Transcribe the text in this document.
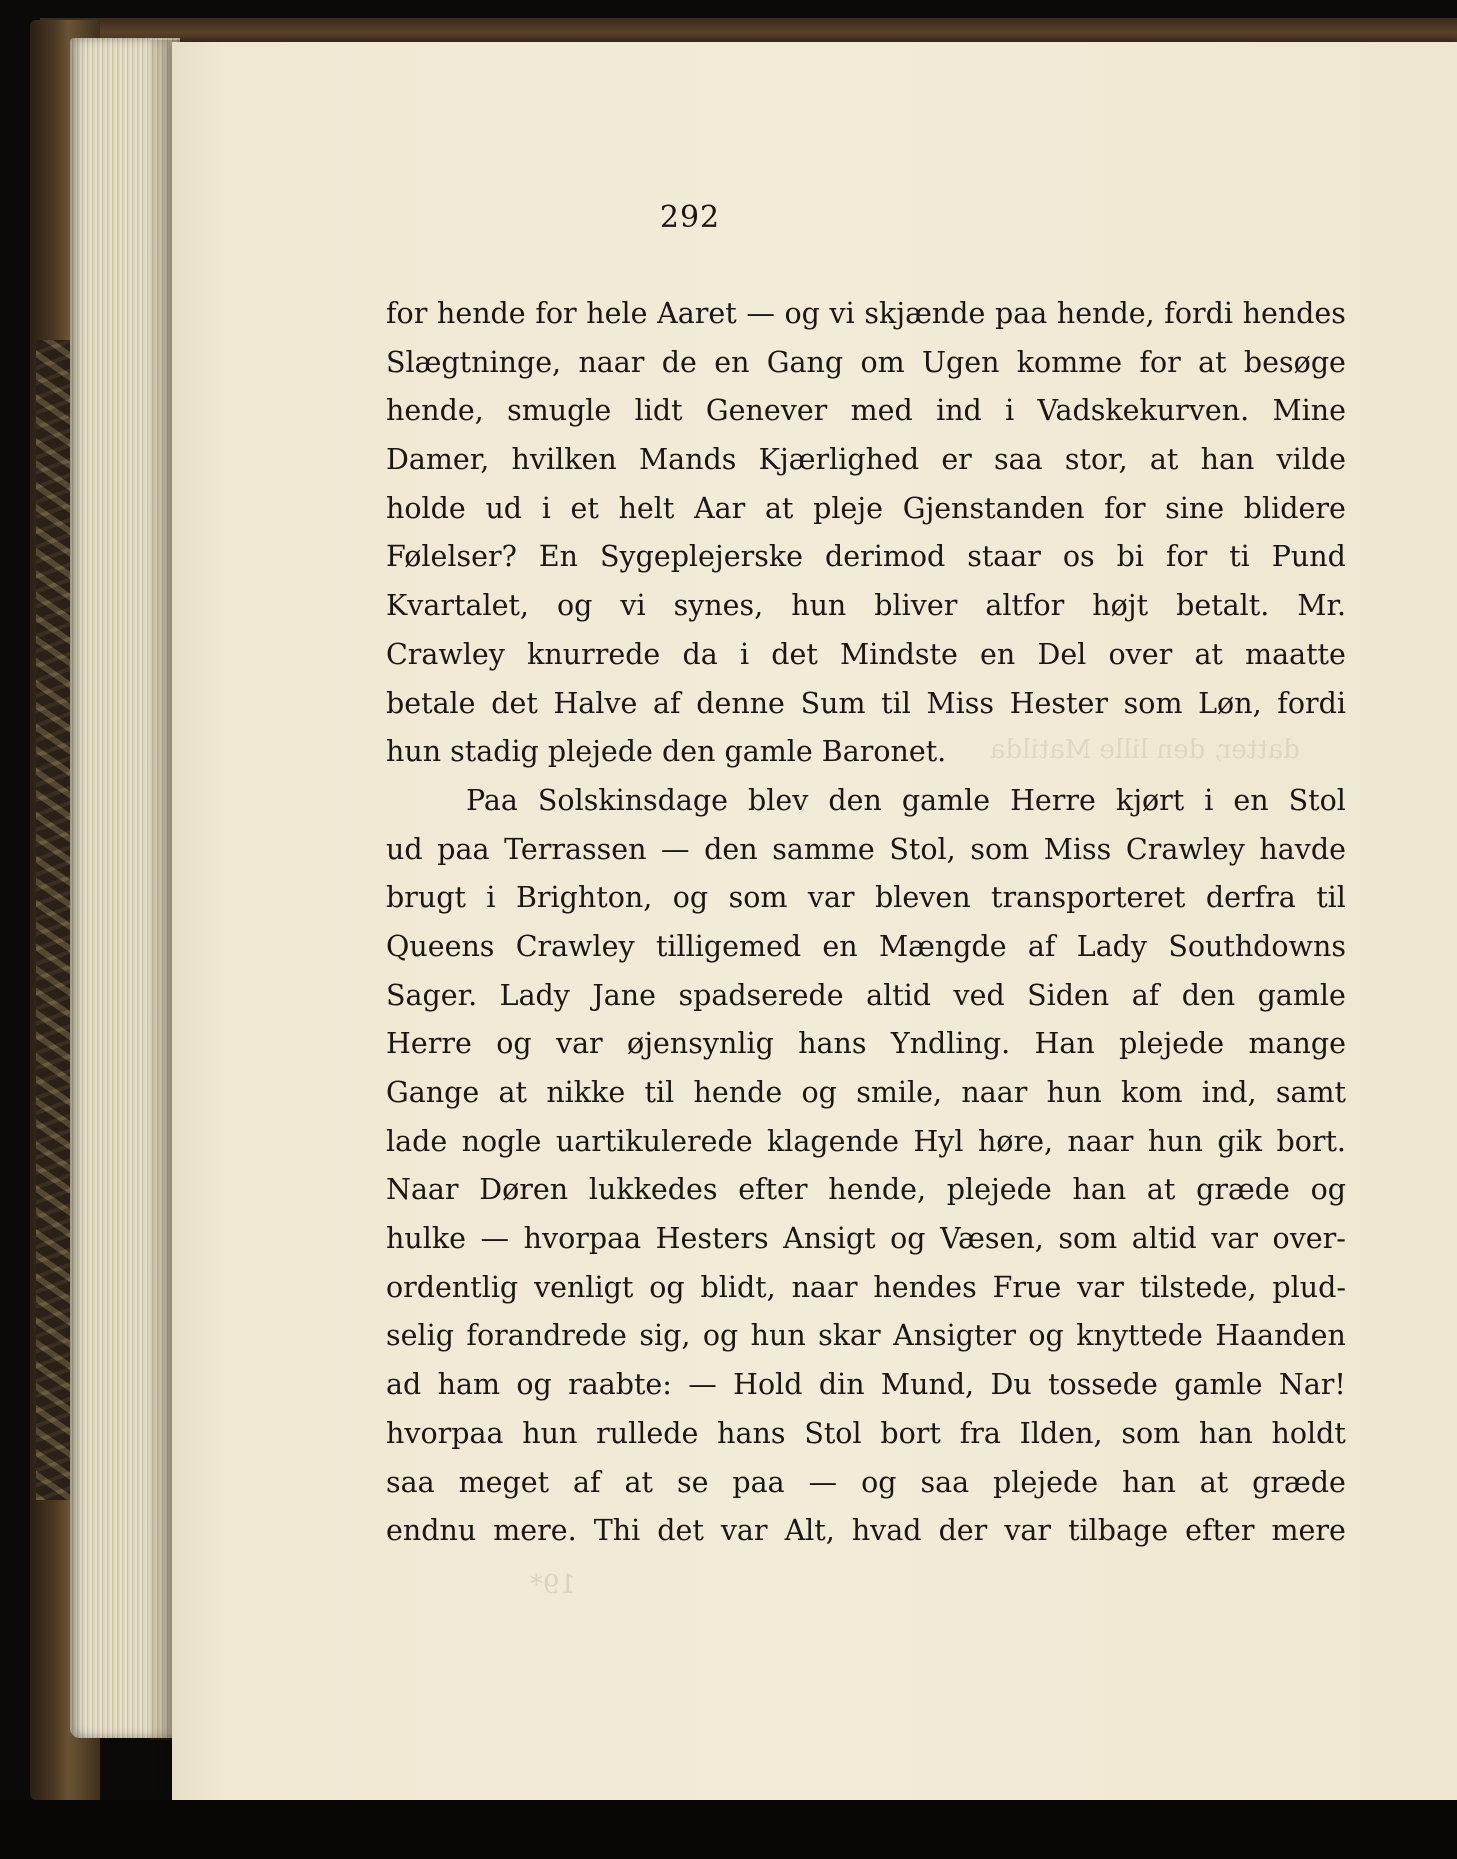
datter, den lille Matilda
19*
292
for hende for hele Aaret — og vi skjænde paa hende, fordi hendes
Slægtninge, naar de en Gang om Ugen komme for at besøge
hende, smugle lidt Genever med ind i Vadskekurven. Mine
Damer, hvilken Mands Kjærlighed er saa stor, at han vilde
holde ud i et helt Aar at pleje Gjenstanden for sine blidere
Følelser? En Sygeplejerske derimod staar os bi for ti Pund
Kvartalet, og vi synes, hun bliver altfor højt betalt. Mr.
Crawley knurrede da i det Mindste en Del over at maatte
betale det Halve af denne Sum til Miss Hester som Løn, fordi
hun stadig plejede den gamle Baronet.
Paa Solskinsdage blev den gamle Herre kjørt i en Stol
ud paa Terrassen — den samme Stol, som Miss Crawley havde
brugt i Brighton, og som var bleven transporteret derfra til
Queens Crawley tilligemed en Mængde af Lady Southdowns
Sager. Lady Jane spadserede altid ved Siden af den gamle
Herre og var øjensynlig hans Yndling. Han plejede mange
Gange at nikke til hende og smile, naar hun kom ind, samt
lade nogle uartikulerede klagende Hyl høre, naar hun gik bort.
Naar Døren lukkedes efter hende, plejede han at græde og
hulke — hvorpaa Hesters Ansigt og Væsen, som altid var over-
ordentlig venligt og blidt, naar hendes Frue var tilstede, plud-
selig forandrede sig, og hun skar Ansigter og knyttede Haanden
ad ham og raabte: — Hold din Mund, Du tossede gamle Nar!
hvorpaa hun rullede hans Stol bort fra Ilden, som han holdt
saa meget af at se paa — og saa plejede han at græde
endnu mere. Thi det var Alt, hvad der var tilbage efter mere
